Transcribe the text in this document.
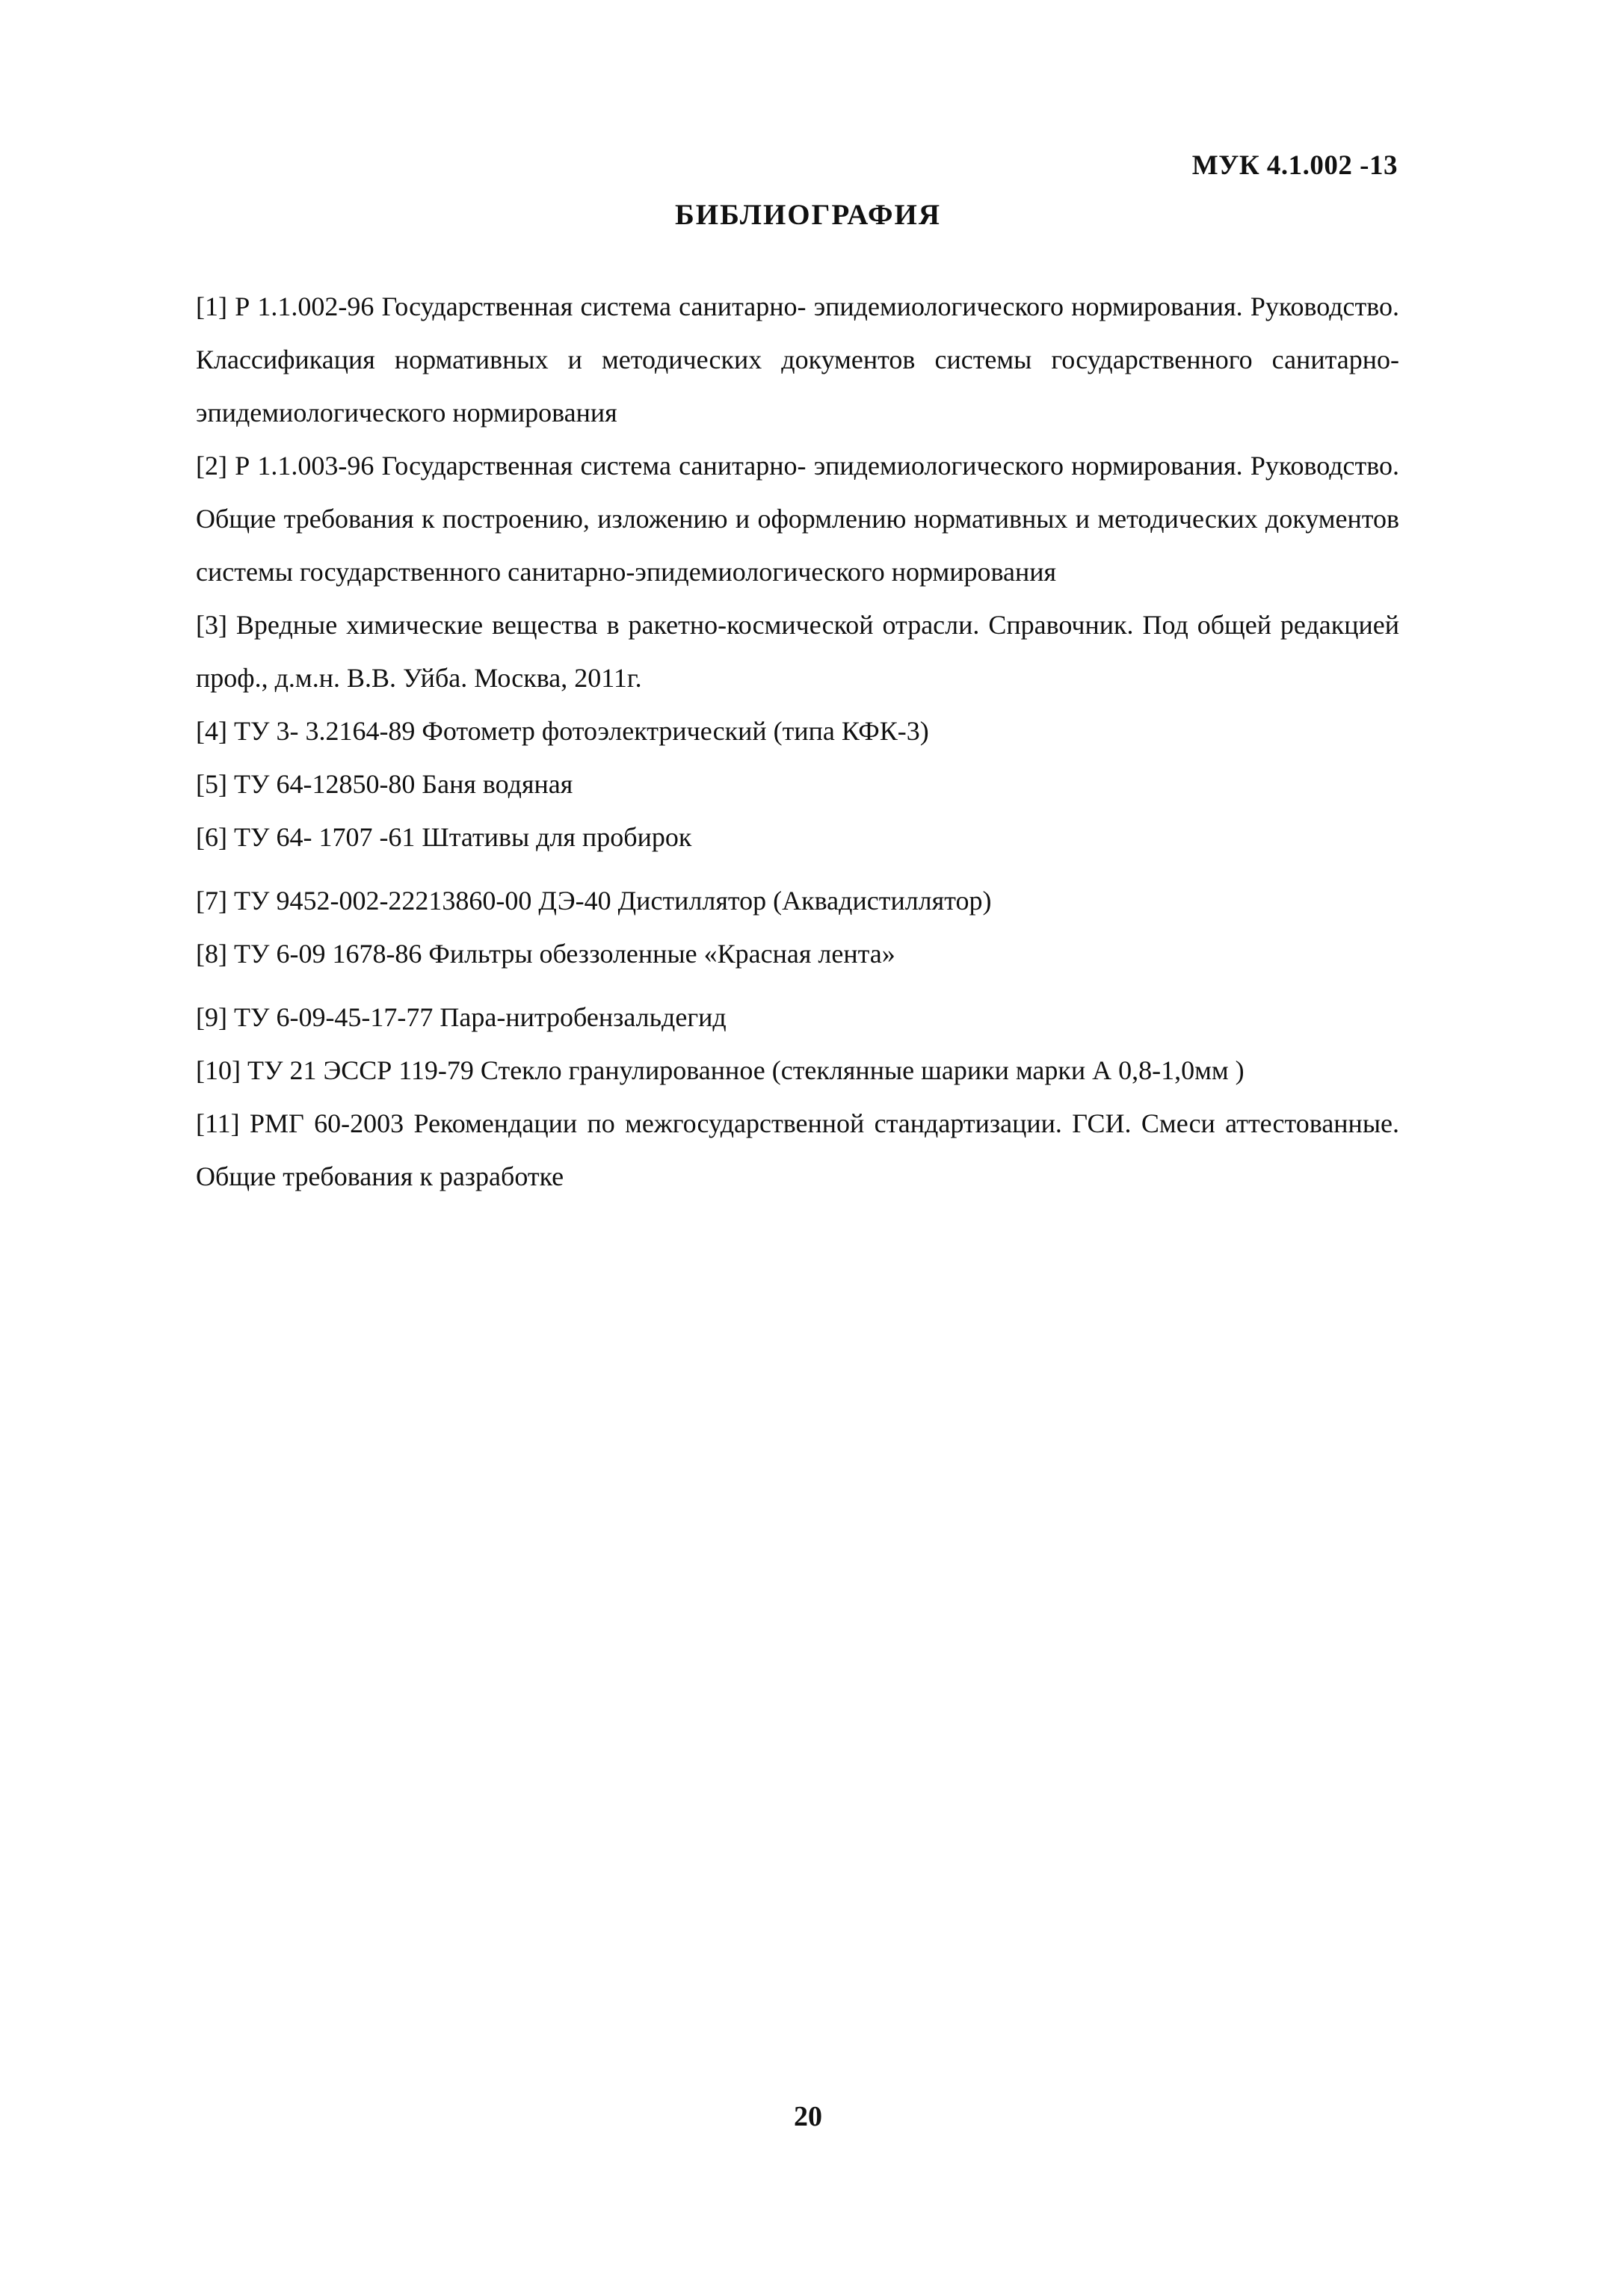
МУК 4.1.002 -13
БИБЛИОГРАФИЯ
[1] Р 1.1.002-96 Государственная система санитарно- эпидемиологического нормирования. Руководство. Классификация нормативных и методических документов системы государственного санитарно-эпидемиологического нормирования
[2] Р 1.1.003-96 Государственная система санитарно- эпидемиологического нормирования. Руководство. Общие требования к построению, изложению и оформлению нормативных и методических документов системы государственного санитарно-эпидемиологического нормирования
[3] Вредные химические вещества в ракетно-космической отрасли. Справочник. Под общей редакцией проф., д.м.н. В.В. Уйба. Москва, 2011г.
[4] ТУ 3- 3.2164-89 Фотометр фотоэлектрический (типа КФК-3)
[5] ТУ 64-12850-80 Баня водяная
[6] ТУ 64- 1707 -61 Штативы для пробирок
[7] ТУ 9452-002-22213860-00 ДЭ-40 Дистиллятор (Аквадистиллятор)
[8] ТУ 6-09 1678-86 Фильтры обеззоленные «Красная лента»
[9] ТУ 6-09-45-17-77 Пара-нитробензальдегид
[10] ТУ 21 ЭССР 119-79 Стекло гранулированное (стеклянные шарики марки А 0,8-1,0мм )
[11] РМГ 60-2003 Рекомендации по межгосударственной стандартизации. ГСИ. Смеси аттестованные. Общие требования к разработке
20
